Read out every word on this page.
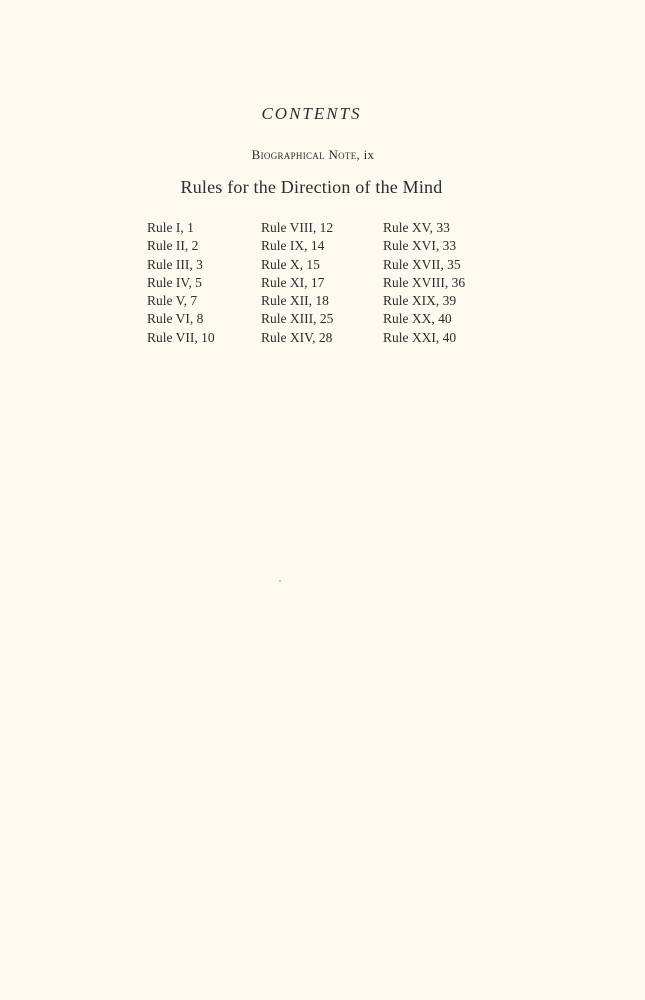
CONTENTS
Biographical Note, ix
Rules for the Direction of the Mind
Rule I, 1
Rule II, 2
Rule III, 3
Rule IV, 5
Rule V, 7
Rule VI, 8
Rule VII, 10
Rule VIII, 12
Rule IX, 14
Rule X, 15
Rule XI, 17
Rule XII, 18
Rule XIII, 25
Rule XIV, 28
Rule XV, 33
Rule XVI, 33
Rule XVII, 35
Rule XVIII, 36
Rule XIX, 39
Rule XX, 40
Rule XXI, 40
